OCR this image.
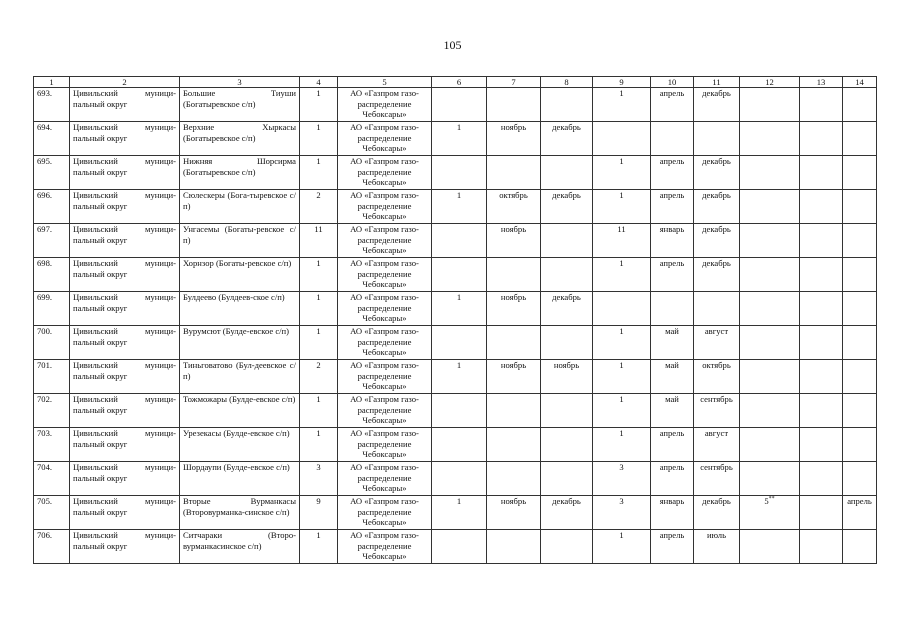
105
1	2	3	4	5	6	7	8	9	10	11	12	13	14
693.	Цивильский муници-пальный округ	Большие Тиуши (Богатыревское с/п)	1	АО «Газпром газо-распределение Чебоксары»				1	апрель	декабрь			
694.	Цивильский муници-пальный округ	Верхние Хыркасы (Богатыревское с/п)	1	АО «Газпром газо-распределение Чебоксары»	1	ноябрь	декабрь						
695.	Цивильский муници-пальный округ	Нижняя Шорсирма (Богатыревское с/п)	1	АО «Газпром газо-распределение Чебоксары»				1	апрель	декабрь			
696.	Цивильский муници-пальный округ	Сюлескеры (Бога-тыревское с/п)	2	АО «Газпром газо-распределение Чебоксары»	1	октябрь	декабрь	1	апрель	декабрь			
697.	Цивильский муници-пальный округ	Унгасемы (Богаты-ревское с/п)	11	АО «Газпром газо-распределение Чебоксары»		ноябрь		11	январь	декабрь			
698.	Цивильский муници-пальный округ	Хорнзор (Богаты-ревское с/п)	1	АО «Газпром газо-распределение Чебоксары»				1	апрель	декабрь			
699.	Цивильский муници-пальный округ	Булдеево (Булдеев-ское с/п)	1	АО «Газпром газо-распределение Чебоксары»	1	ноябрь	декабрь						
700.	Цивильский муници-пальный округ	Вурумсют (Булде-евское с/п)	1	АО «Газпром газо-распределение Чебоксары»				1	май	август			
701.	Цивильский муници-пальный округ	Тиньговатово (Бул-деевское с/п)	2	АО «Газпром газо-распределение Чебоксары»	1	ноябрь	ноябрь	1	май	октябрь			
702.	Цивильский муници-пальный округ	Тожможары (Булде-евское с/п)	1	АО «Газпром газо-распределение Чебоксары»				1	май	сентябрь			
703.	Цивильский муници-пальный округ	Урезекасы (Булде-евское с/п)	1	АО «Газпром газо-распределение Чебоксары»				1	апрель	август			
704.	Цивильский муници-пальный округ	Шордаупи (Булде-евское с/п)	3	АО «Газпром газо-распределение Чебоксары»				3	апрель	сентябрь			
705.	Цивильский муници-пальный округ	Вторые Вурманкасы (Второвурманка-синское с/п)	9	АО «Газпром газо-распределение Чебоксары»	1	ноябрь	декабрь	3	январь	декабрь	5**		апрель
706.	Цивильский муници-пальный округ	Ситчараки (Второ-вурманкасинское с/п)	1	АО «Газпром газо-распределение Чебоксары»				1	апрель	июль			
